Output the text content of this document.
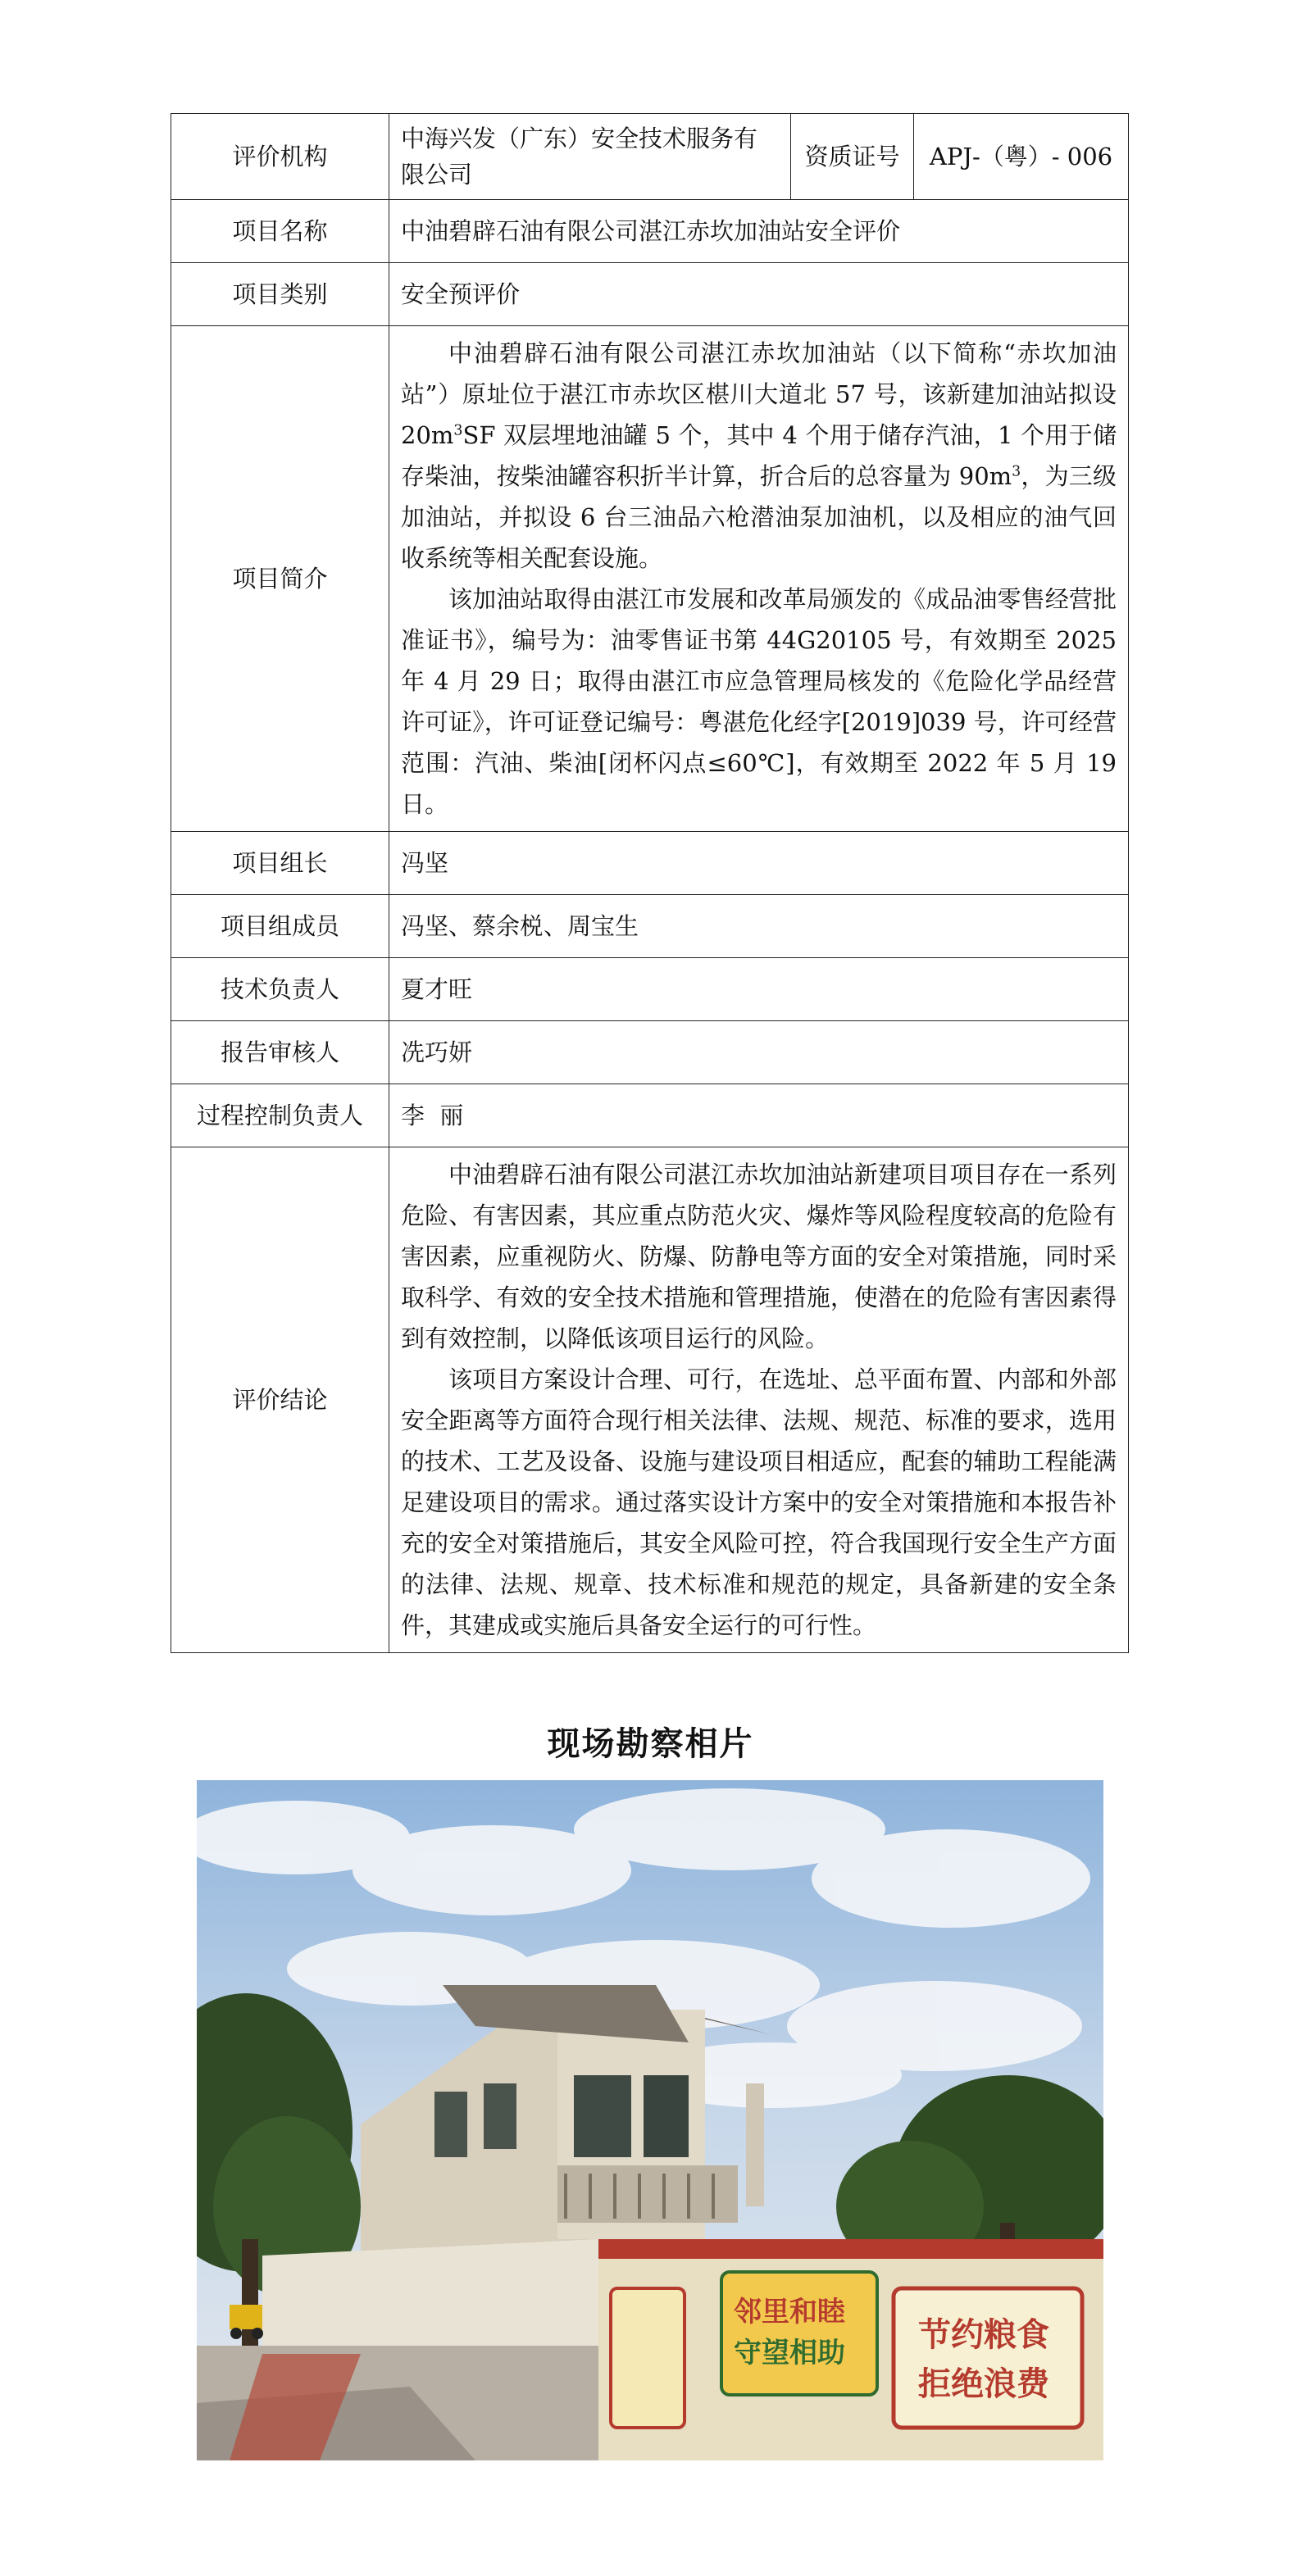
评价机构	中海兴发（广东）安全技术服务有限公司	资质证号	APJ-（粤）- 006
项目名称	中油碧辟石油有限公司湛江赤坎加油站安全评价		
项目类别	安全预评价		
项目简介	中油碧辟石油有限公司湛江赤坎加油站（以下简称“赤坎加油站”）原址位于湛江市赤坎区椹川大道北 57 号，该新建加油站拟设 $20m^3SF$ 双层埋地油罐 5 个，其中 4 个用于储存汽油，1 个用于储存柴油，按柴油罐容积折半计算，折合后的总容量为 $90m^3$，为三级加油站，并拟设 6 台三油品六枪潜油泵加油机，以及相应的油气回收系统等相关配套设施。

该加油站取得由湛江市发展和改革局颁发的《成品油零售经营批准证书》，编号为：油零售证书第 44G20105 号，有效期至 2025 年 4 月 29 日；取得由湛江市应急管理局核发的《危险化学品经营许可证》，许可证登记编号：粤湛危化经字[2019]039 号，许可经营范围：汽油、柴油[闭杯闪点≤60℃]，有效期至 2022 年 5 月 19 日。		

项目组长	冯坚		
项目组成员	冯坚、蔡余棁、周宝生		
技术负责人	夏才旺		
报告审核人	冼巧妍		
过程控制负责人	李  丽		
评价结论	中油碧辟石油有限公司湛江赤坎加油站新建项目项目存在一系列危险、有害因素，其应重点防范火灾、爆炸等风险程度较高的危险有害因素，应重视防火、防爆、防静电等方面的安全对策措施，同时采取科学、有效的安全技术措施和管理措施，使潜在的危险有害因素得到有效控制，以降低该项目运行的风险。

该项目方案设计合理、可行，在选址、总平面布置、内部和外部安全距离等方面符合现行相关法律、法规、规范、标准的要求，选用的技术、工艺及设备、设施与建设项目相适应，配套的辅助工程能满足建设项目的需求。通过落实设计方案中的安全对策措施和本报告补充的安全对策措施后，其安全风险可控，符合我国现行安全生产方面的法律、法规、规章、技术标准和规范的规定，具备新建的安全条件，其建成或实施后具备安全运行的可行性。		

现场勘察相片
节约粮食
拒绝浪费
邻里和睦
守望相助
